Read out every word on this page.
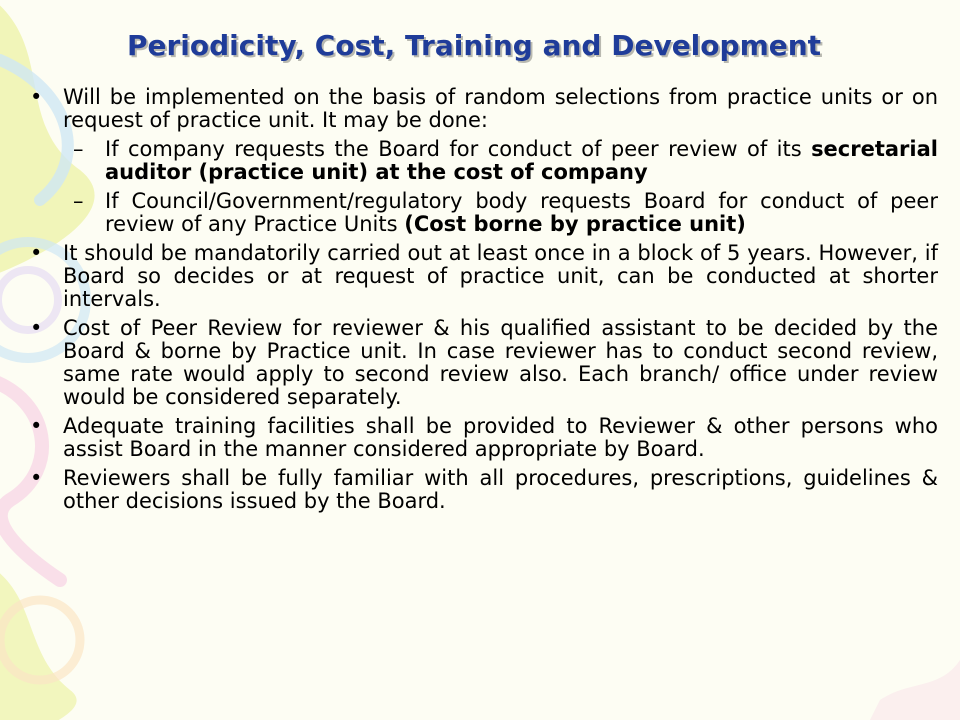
Periodicity, Cost, Training and Development
• Will be implemented on the basis of random selections from practice units or on request of practice unit. It may be done:
– If company requests the Board for conduct of peer review of its secretarial auditor (practice unit) at the cost of company
– If Council/Government/regulatory body requests Board for conduct of peer review of any Practice Units (Cost borne by practice unit)
• It should be mandatorily carried out at least once in a block of 5 years. However, if Board so decides or at request of practice unit, can be conducted at shorter intervals.
• Cost of Peer Review for reviewer & his qualified assistant to be decided by the Board & borne by Practice unit. In case reviewer has to conduct second review, same rate would apply to second review also. Each branch/ office under review would be considered separately.
• Adequate training facilities shall be provided to Reviewer & other persons who assist Board in the manner considered appropriate by Board.
• Reviewers shall be fully familiar with all procedures, prescriptions, guidelines & other decisions issued by the Board.
